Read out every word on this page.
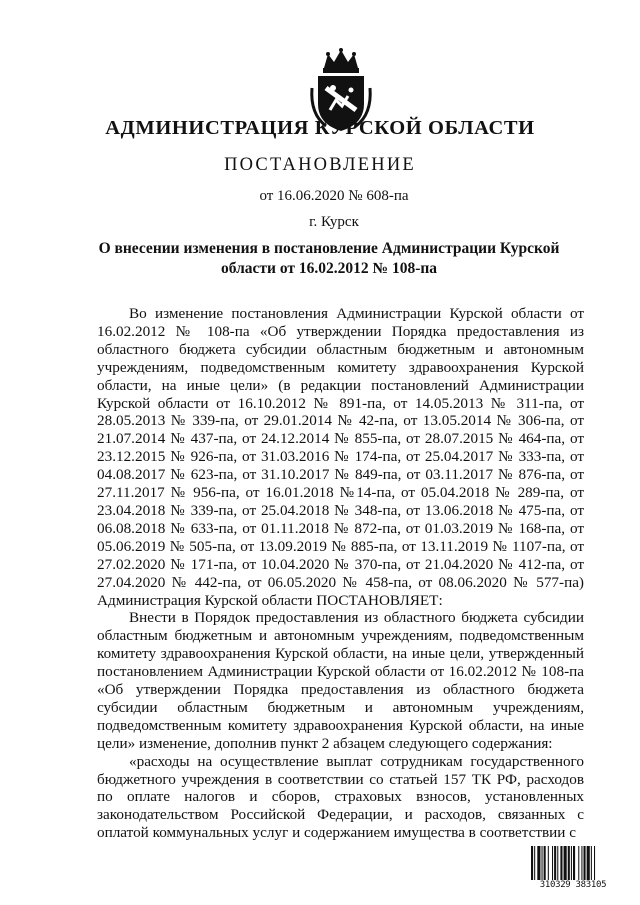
АДМИНИСТРАЦИЯ КУРСКОЙ ОБЛАСТИ
ПОСТАНОВЛЕНИЕ
от 16.06.2020 № 608-па
г. Курск
О внесении изменения в постановление Администрации Курской области от 16.02.2012 № 108-па

Во изменение постановления Администрации Курской области от 16.02.2012 № 108-па «Об утверждении Порядка предоставления из областного бюджета субсидии областным бюджетным и автономным учреждениям, подведомственным комитету здравоохранения Курской области, на иные цели» (в редакции постановлений Администрации Курской области от 16.10.2012 № 891-па, от 14.05.2013 № 311-па, от 28.05.2013 № 339-па, от 29.01.2014 № 42-па, от 13.05.2014 № 306-па, от 21.07.2014 № 437-па, от 24.12.2014 № 855-па, от 28.07.2015 № 464-па, от 23.12.2015 № 926-па, от 31.03.2016 № 174-па, от 25.04.2017 № 333-па, от 04.08.2017 № 623-па, от 31.10.2017 № 849-па, от 03.11.2017 № 876-па, от 27.11.2017 № 956-па, от 16.01.2018 №14-па, от 05.04.2018 № 289-па, от 23.04.2018 № 339-па, от 25.04.2018 № 348-па, от 13.06.2018 № 475-па, от 06.08.2018 № 633-па, от 01.11.2018 № 872-па, от 01.03.2019 № 168-па, от 05.06.2019 № 505-па, от 13.09.2019 № 885-па, от 13.11.2019 № 1107-па, от 27.02.2020 № 171-па, от 10.04.2020 № 370-па, от 21.04.2020 № 412-па, от 27.04.2020 № 442-па, от 06.05.2020 № 458-па, от 08.06.2020 № 577-па) Администрация Курской области ПОСТАНОВЛЯЕТ:

Внести в Порядок предоставления из областного бюджета субсидии областным бюджетным и автономным учреждениям, подведомственным комитету здравоохранения Курской области, на иные цели, утвержденный постановлением Администрации Курской области от 16.02.2012 № 108-па «Об утверждении Порядка предоставления из областного бюджета субсидии областным бюджетным и автономным учреждениям, подведомственным комитету здравоохранения Курской области, на иные цели» изменение, дополнив пункт 2 абзацем следующего содержания:

«расходы на осуществление выплат сотрудникам государственного бюджетного учреждения в соответствии со статьей 157 ТК РФ, расходов по оплате налогов и сборов, страховых взносов, установленных законодательством Российской Федерации, и расходов, связанных с оплатой коммунальных услуг и содержанием имущества в соответствии с

310329 383105
